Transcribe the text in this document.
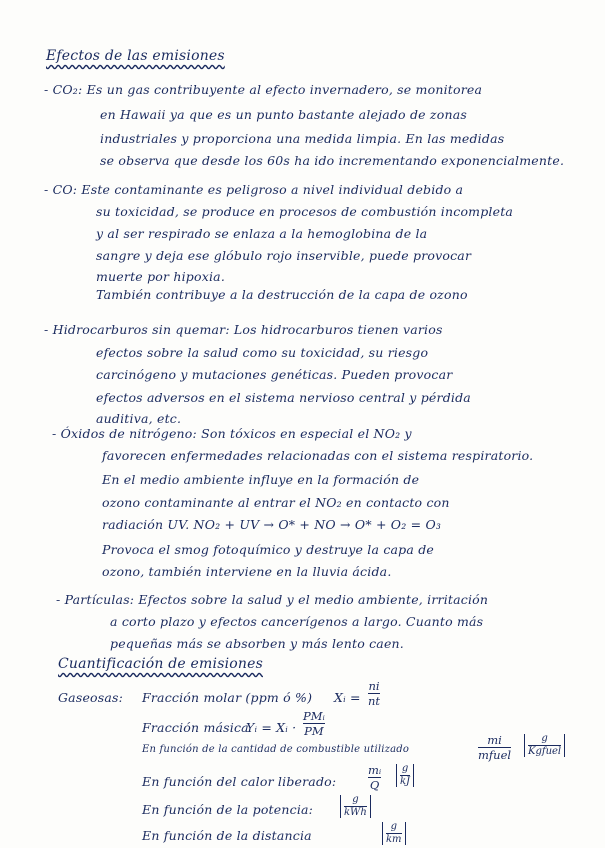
Efectos de las emisiones
- CO₂: Es un gas contribuyente al efecto invernadero, se monitorea
en Hawaii ya que es un punto bastante alejado de zonas
industriales y proporciona una medida limpia. En las medidas
se observa que desde los 60s ha ido incrementando exponencialmente.
- CO: Este contaminante es peligroso a nivel individual debido a
su toxicidad, se produce en procesos de combustión incompleta
y al ser respirado se enlaza a la hemoglobina de la
sangre y deja ese glóbulo rojo inservible, puede provocar
muerte por hipoxia.
También contribuye a la destrucción de la capa de ozono
- Hidrocarburos sin quemar: Los hidrocarburos tienen varios
efectos sobre la salud como su toxicidad, su riesgo
carcinógeno y mutaciones genéticas. Pueden provocar
efectos adversos en el sistema nervioso central y pérdida
auditiva, etc.
- Óxidos de nitrógeno: Son tóxicos en especial el NO₂ y
favorecen enfermedades relacionadas con el sistema respiratorio.
En el medio ambiente influye en la formación de
ozono contaminante al entrar el NO₂ en contacto con
radiación UV. NO₂ + UV → O* + NO → O* + O₂ = O₃
Provoca el smog fotoquímico y destruye la capa de
ozono, también interviene en la lluvia ácida.
- Partículas: Efectos sobre la salud y el medio ambiente, irritación
a corto plazo y efectos cancerígenos a largo. Cuanto más
pequeñas más se absorben y más lento caen.
Cuantificación de emisiones
Gaseosas: Fracción molar (ppm ó %) Xᵢ =
ni
nt
Fracción másica
Yᵢ = Xᵢ ·
PMᵢ
PM
En función de la cantidad de combustible utilizado
mi
mfuel
g
Kgfuel
En función del calor liberado:
mᵢ
Q
g
kJ
En función de la potencia:
g
kWh
En función de la distancia
g
km
